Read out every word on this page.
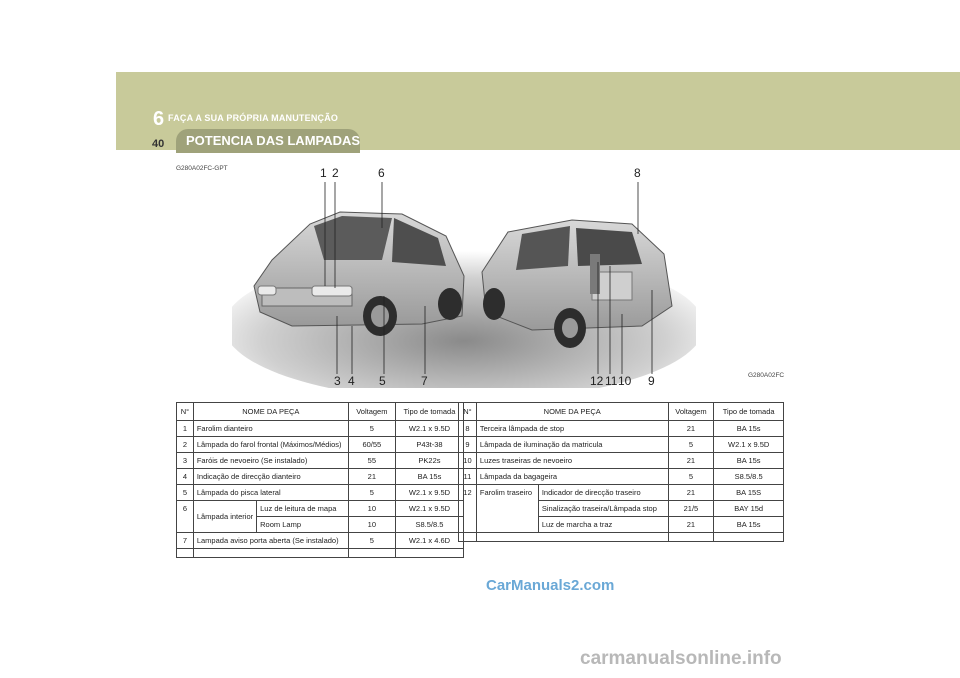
6 FAÇA A SUA PRÓPRIA MANUTENÇÃO
40 POTENCIA DAS LAMPADAS
G280A02FC-GPT
G280A02FC
1 2	6	8
3 4 5	7	12 11 10 9
N°	NOME DA PEÇA		Voltagem	Tipo de tomada
1	Farolim dianteiro		5	W2.1 x 9.5D
2	Lâmpada do farol frontal (Máximos/Médios)		60/55	P43t-38
3	Faróis de nevoeiro (Se instalado)		55	PK22s
4	Indicação de direcção dianteiro		21	BA 15s
5	Lâmpada do pisca lateral		5	W2.1 x 9.5D
6	Lâmpada interior	Luz de leitura de mapa	10	W2.1 x 9.5D
		Room Lamp	10	S8.5/8.5
7	Lampada aviso porta aberta (Se instalado)		5	W2.1 x 4.6D

N°	NOME DA PEÇA		Voltagem	Tipo de tomada
8	Terceira lâmpada de stop		21	BA 15s
9	Lâmpada de iluminação da matricula		5	W2.1 x 9.5D
10	Luzes traseiras de nevoeiro		21	BA 15s
11	Lâmpada da bagageira		5	S8.5/8.5
12	Farolim traseiro	Indicador de direcção traseiro	21	BA 15S
		Sinalização traseira/Lâmpada stop	21/5	BAY 15d
		Luz de marcha a traz	21	BA 15s

CarManuals2.com
carmanualsonline.info
